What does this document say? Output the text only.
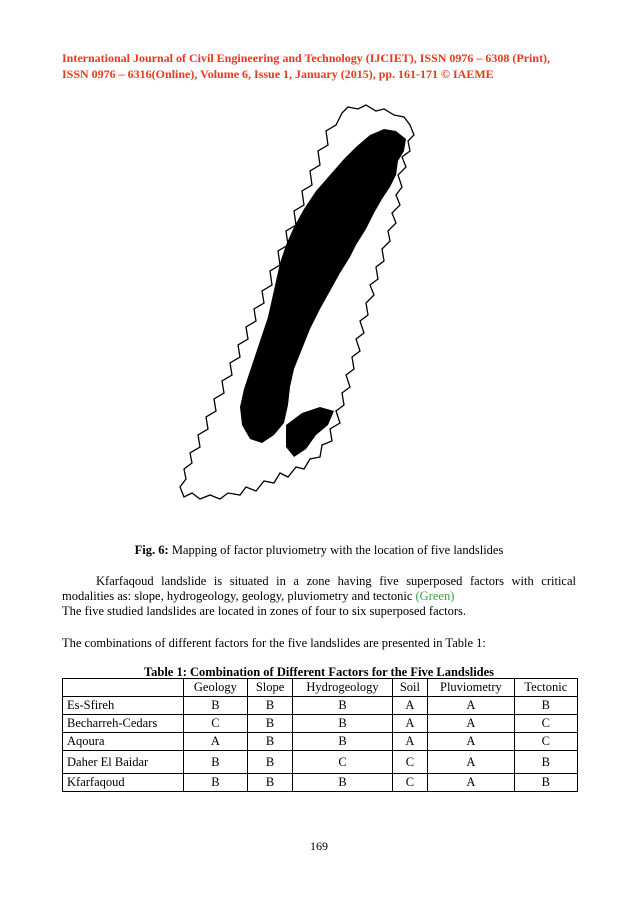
International Journal of Civil Engineering and Technology (IJCIET), ISSN 0976 – 6308 (Print),
ISSN 0976 – 6316(Online), Volume 6, Issue 1, January (2015), pp. 161-171 © IAEME
Fig. 6: Mapping of factor pluviometry with the location of five landslides
Kfarfaqoud landslide is situated in a zone having five superposed factors with critical
modalities as: slope, hydrogeology, geology, pluviometry and tectonic (Green)
The five studied landslides are located in zones of four to six superposed factors.
The combinations of different factors for the five landslides are presented in Table 1:
Table 1: Combination of Different Factors for the Five Landslides
	Geology	Slope	Hydrogeology	Soil	Pluviometry	Tectonic
Es-Sfireh	B	B	B	A	A	B
Becharreh-Cedars	C	B	B	A	A	C
Aqoura	A	B	B	A	A	C
Daher El Baidar	B	B	C	C	A	B
Kfarfaqoud	B	B	B	C	A	B
169
